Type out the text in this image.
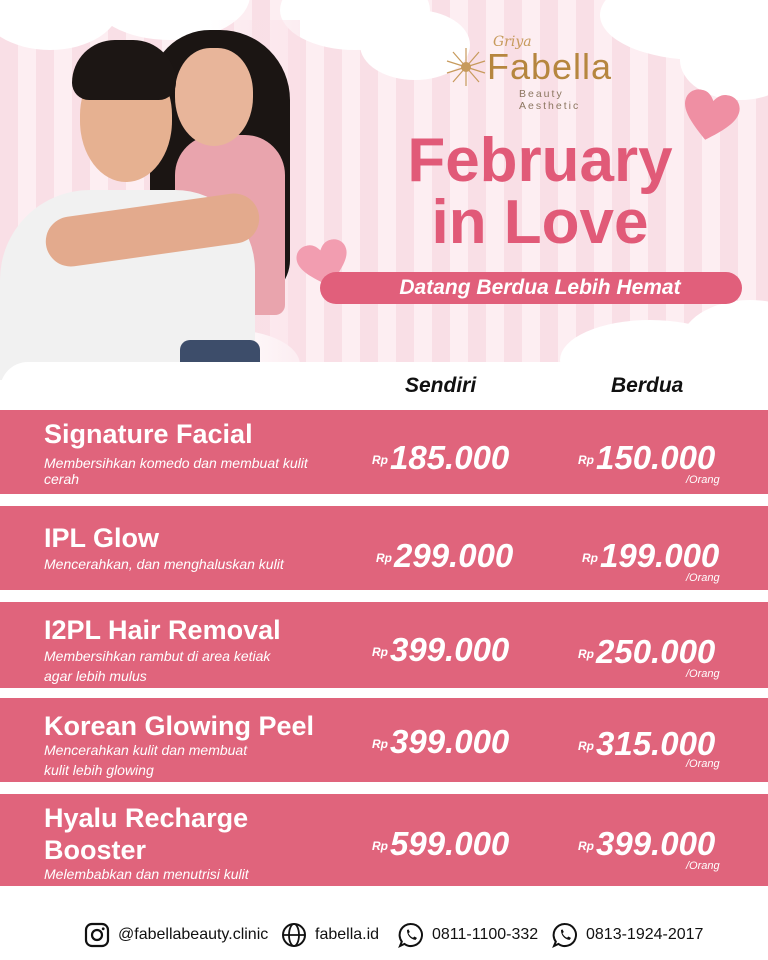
Griya
Fabella
Beauty Aesthetic
February
in Love
Datang Berdua Lebih Hemat
Sendiri	Berdua
Signature Facial
Membersihkan komedo dan membuat kulit cerah
$^{Rp}$185.000	$^{Rp}$150.000
/Orang
IPL Glow
Mencerahkan, dan menghaluskan kulit	$^{Rp}$299.000	$^{Rp}$199.000
/Orang
I2PL Hair Removal
Membersihkan rambut di area ketiak agar lebih mulus
$^{Rp}$399.000	$^{Rp}$250.000
/Orang
Korean Glowing Peel
Mencerahkan kulit dan membuat kulit lebih glowing
$^{Rp}$399.000	$^{Rp}$315.000
/Orang
Hyalu Recharge Booster
Melembabkan dan menutrisi kulit
$^{Rp}$599.000	$^{Rp}$399.000
/Orang
@fabellabeauty.clinic	fabella.id	0811-1100-332	0813-1924-2017
